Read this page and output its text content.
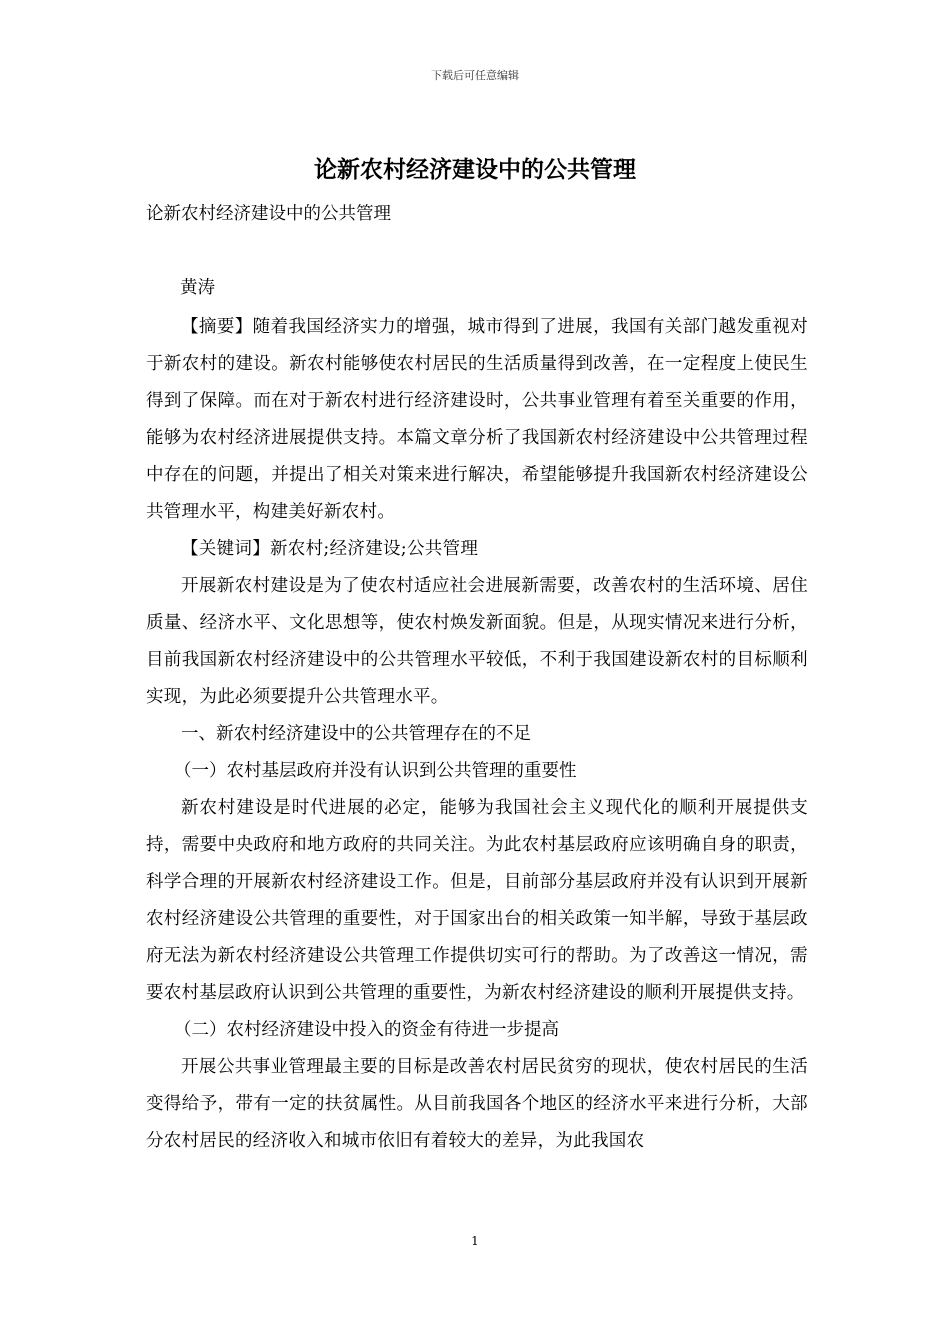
下载后可任意编辑
论新农村经济建设中的公共管理
论新农村经济建设中的公共管理
黄涛

【摘要】随着我国经济实力的增强，城市得到了进展，我国有关部门越发重视对于新农村的建设。新农村能够使农村居民的生活质量得到改善，在一定程度上使民生得到了保障。而在对于新农村进行经济建设时，公共事业管理有着至关重要的作用，能够为农村经济进展提供支持。本篇文章分析了我国新农村经济建设中公共管理过程中存在的问题，并提出了相关对策来进行解决，希望能够提升我国新农村经济建设公共管理水平，构建美好新农村。

【关键词】新农村;经济建设;公共管理

开展新农村建设是为了使农村适应社会进展新需要，改善农村的生活环境、居住质量、经济水平、文化思想等，使农村焕发新面貌。但是，从现实情况来进行分析，目前我国新农村经济建设中的公共管理水平较低，不利于我国建设新农村的目标顺利实现，为此必须要提升公共管理水平。

一、新农村经济建设中的公共管理存在的不足

（一）农村基层政府并没有认识到公共管理的重要性

新农村建设是时代进展的必定，能够为我国社会主义现代化的顺利开展提供支持，需要中央政府和地方政府的共同关注。为此农村基层政府应该明确自身的职责，科学合理的开展新农村经济建设工作。但是，目前部分基层政府并没有认识到开展新农村经济建设公共管理的重要性，对于国家出台的相关政策一知半解，导致于基层政府无法为新农村经济建设公共管理工作提供切实可行的帮助。为了改善这一情况，需要农村基层政府认识到公共管理的重要性，为新农村经济建设的顺利开展提供支持。

（二）农村经济建设中投入的资金有待进一步提高

开展公共事业管理最主要的目标是改善农村居民贫穷的现状，使农村居民的生活变得给予，带有一定的扶贫属性。从目前我国各个地区的经济水平来进行分析，大部分农村居民的经济收入和城市依旧有着较大的差异，为此我国农

1
